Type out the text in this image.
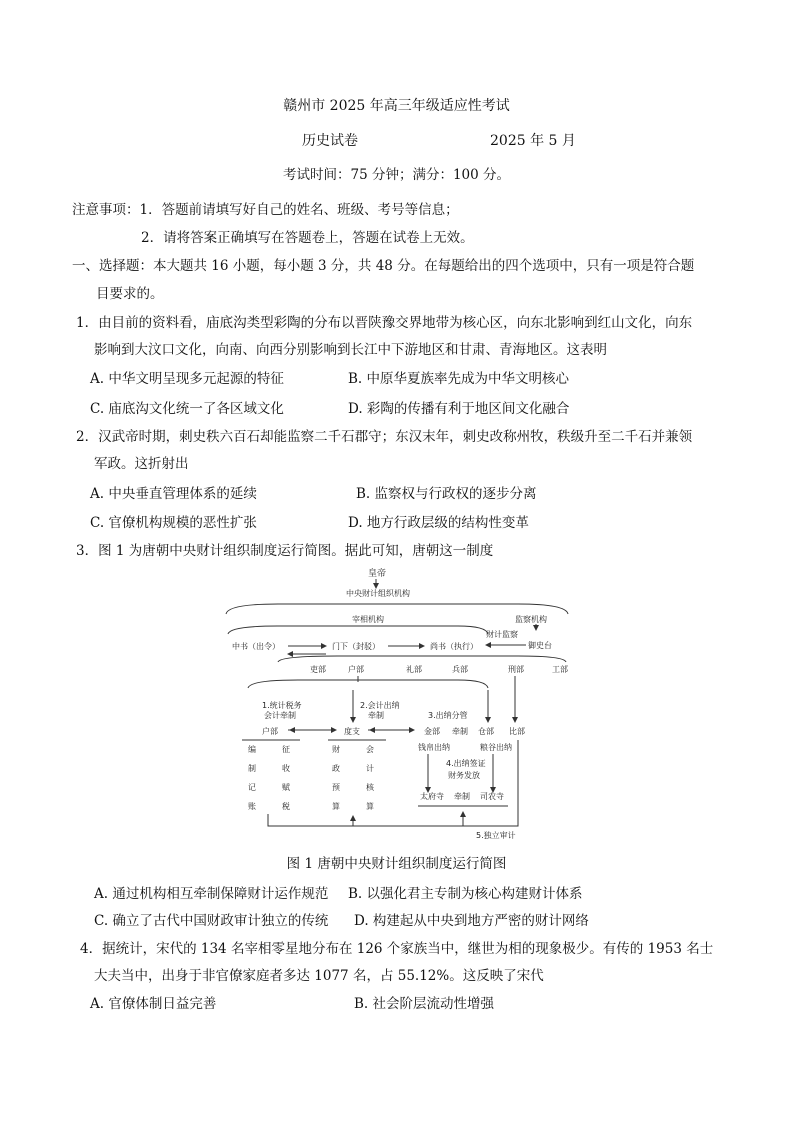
赣州市 2025 年高三年级适应性考试
历史试卷	2025 年 5 月
考试时间：75 分钟；满分：100 分。
注意事项：1．答题前请填写好自己的姓名、班级、考号等信息；
2．请将答案正确填写在答题卷上，答题在试卷上无效。
一、选择题：本大题共 16 小题，每小题 3 分，共 48 分。在每题给出的四个选项中，只有一项是符合题
目要求的。
1．由目前的资料看，庙底沟类型彩陶的分布以晋陕豫交界地带为核心区，向东北影响到红山文化，向东
影响到大汶口文化，向南、向西分别影响到长江中下游地区和甘肃、青海地区。这表明
A. 中华文明呈现多元起源的特征	B. 中原华夏族率先成为中华文明核心
C. 庙底沟文化统一了各区域文化	D. 彩陶的传播有利于地区间文化融合
2．汉武帝时期，刺史秩六百石却能监察二千石郡守；东汉末年，刺史改称州牧，秩级升至二千石并兼领
军政。这折射出
A. 中央垂直管理体系的延续	B. 监察权与行政权的逐步分离
C. 官僚机构规模的恶性扩张	D. 地方行政层级的结构性变革
3．图 1 为唐朝中央财计组织制度运行简图。据此可知，唐朝这一制度
皇帝
中央财计组织机构
宰相机构	监察机构
财计监察
御史台
中书（出令）	门下（封驳）	尚书（执行）
吏部	户部	礼部	兵部	刑部	工部
1.统计税务
会计牵制
2.会计出纳
牵制	3.出纳分管
户部	度支	金部 牵制 仓部 比部
编
制
记
账
征
收
赋
税
财
政
预
算
会
计
核
算
钱帛出纳	粮谷出纳
4.出纳签证
财务发放
太府寺 牵制 司农寺
5.独立审计
图 1 唐朝中央财计组织制度运行简图
A. 通过机构相互牵制保障财计运作规范 B. 以强化君主专制为核心构建财计体系
C. 确立了古代中国财政审计独立的传统 D. 构建起从中央到地方严密的财计网络
4．据统计，宋代的 134 名宰相零星地分布在 126 个家族当中，继世为相的现象极少。有传的 1953 名士
大夫当中，出身于非官僚家庭者多达 1077 名，占 55.12%。这反映了宋代
A. 官僚体制日益完善	B. 社会阶层流动性增强
